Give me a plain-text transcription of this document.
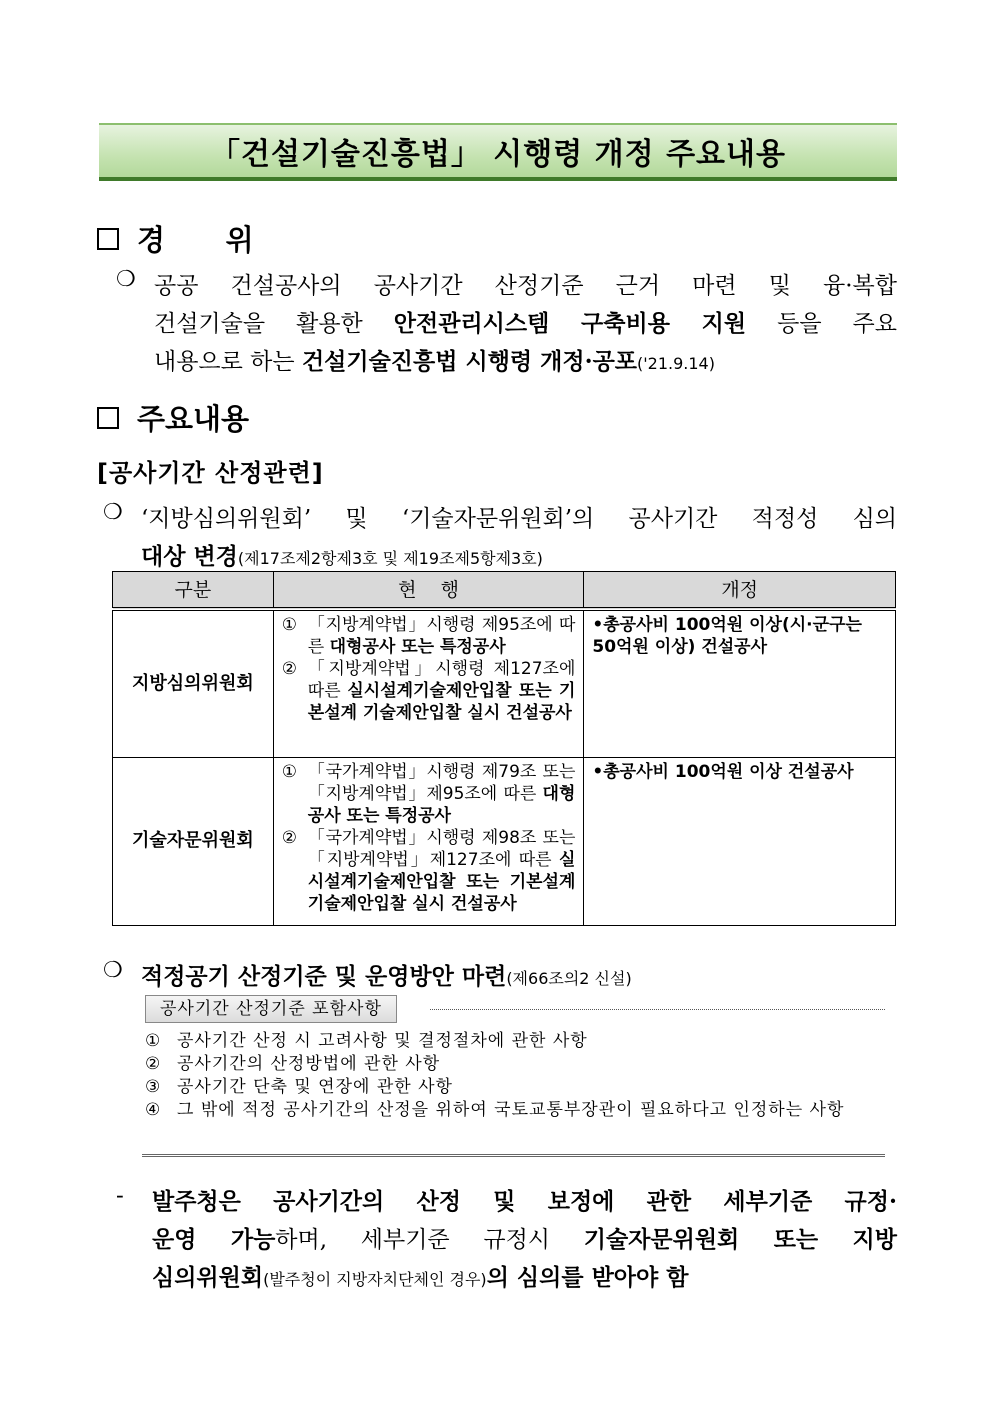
「건설기술진흥법」 시행령 개정 주요내용
경      위
❍ 공공 건설공사의 공사기간 산정기준 근거 마련 및 융·복합
건설기술을 활용한 안전관리시스템 구축비용 지원 등을 주요
내용으로 하는 건설기술진흥법 시행령 개정·공포('21.9.14)
주요내용
[공사기간 산정관련]
❍ ‘지방심의위원회’ 및 ‘기술자문위원회’의 공사기간 적정성 심의
대상 변경(제17조제2항제3호 및 제19조제5항제3호)
구분	현    행	개정
지방심의위원회	① 「지방계약법」시행령 제95조에 따른 대형공사 또는 특정공사
② 「지방계약법」시행령 제127조에 따른 실시설계기술제안입찰 또는 기본설계 기술제안입찰 실시 건설공사	•총공사비 100억원 이상(시·군구는 50억원 이상) 건설공사
기술자문위원회	① 「국가계약법」시행령 제79조 또는 「지방계약법」제95조에 따른 대형공사 또는 특정공사
② 「국가계약법」시행령 제98조 또는 「지방계약법」제127조에 따른 실시설계기술제안입찰 또는 기본설계 기술제안입찰 실시 건설공사	•총공사비 100억원 이상 건설공사
❍ 적정공기 산정기준 및 운영방안 마련(제66조의2 신설)
공사기간 산정기준 포함사항
① 공사기간 산정 시 고려사항 및 결정절차에 관한 사항
② 공사기간의 산정방법에 관한 사항
③ 공사기간 단축 및 연장에 관한 사항
④ 그 밖에 적정 공사기간의 산정을 위하여 국토교통부장관이 필요하다고 인정하는 사항
-	발주청은 공사기간의 산정 및 보정에 관한 세부기준 규정·
운영 가능하며, 세부기준 규정시 기술자문위원회 또는 지방
심의위원회(발주청이 지방자치단체인 경우)의 심의를 받아야 함
